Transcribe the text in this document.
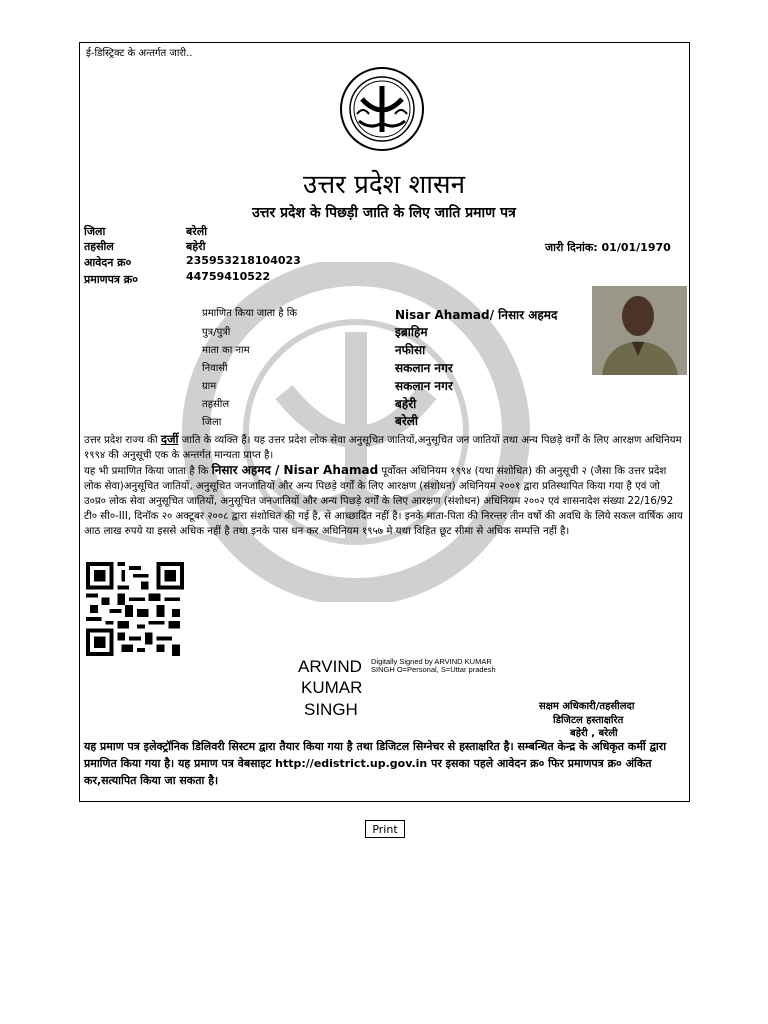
ई-डिस्ट्रिक्ट के अन्तर्गत जारी..
उत्तर प्रदेश शासन
उत्तर प्रदेश के पिछड़ी जाति के लिए जाति प्रमाण पत्र
जिला	बरेली
तहसील	बहेरी
आवेदन क्र०	235953218104023
प्रमाणपत्र क्र०	44759410522
जारी दिनांक: 01/01/1970
प्रमाणित किया जाता है कि	Nisar Ahamad/ निसार अहमद
पुत्र/पुत्री	इब्राहिम
माता का नाम	नफीसा
निवासी	सकलान नगर
ग्राम	सकलान नगर
तहसील	बहेरी
जिला	बरेली
उत्तर प्रदेश राज्य की दर्जी जाति के व्यक्ति हैं। यह उत्तर प्रदेश लोक सेवा अनुसूचित जातियों,अनुसूचित जन जातियों तथा अन्य पिछड़े वर्गों के लिए आरक्षण अधिनियम १९९४ की अनुसूची एक के अन्तर्गत मान्यता प्राप्त है।
यह भी प्रमाणित किया जाता है कि निसार अहमद / Nisar Ahamad पूर्वोक्त अधिनियम १९९४ (यथा संशोधित) की अनुसूची २ (जैसा कि उत्तर प्रदेश लोक सेवा)अनुसूचित जातियों, अनुसूचित जनजातियों और अन्य पिछड़े वर्गों के लिए आरक्षण (संशोधन) अधिनियम २००१ द्वारा प्रतिस्थापित किया गया है एवं जो उ०प्र० लोक सेवा अनुसूचित जातियों, अनुसूचित जनजातियों और अन्य पिछड़े वर्गों के लिए आरक्षण (संशोधन) अधिनियम २००२ एवं शासनादेश संख्या 22/16/92 टी० सी०-III, दिनॉक २० अक्टूबर २००८ द्वारा संशोधित की गई है, से आच्छादित नहीं है। इनके माता-पिता की निरन्तर तीन वर्षो की अवधि के लिये सकल वार्षिक आय आठ लाख रुपये या इससे अधिक नहीं है तथा इनके पास धन कर अधिनियम १९५७ मे यथा विहित छूट सीमा से अधिक सम्पत्ति नहीं है।
ARVIND
KUMAR
SINGH
Digitally Signed by ARVIND KUMAR
SINGH O=Personal, S=Uttar pradesh
सक्षम अधिकारी/तहसीलदा
डिजिटल हस्ताक्षरित
बहेरी , बरेली
यह प्रमाण पत्र इलेक्ट्रॉनिक डिलिवरी सिस्टम द्वारा तैयार किया गया है तथा डिजिटल सिग्नेचर से हस्ताक्षरित है। सम्बन्धित केन्द्र के अधिकृत कर्मी द्वारा प्रमाणित किया गया है। यह प्रमाण पत्र वेबसाइट http://edistrict.up.gov.in पर इसका पहले आवेदन क्र० फिर प्रमाणपत्र क्र० अंकित कर,सत्यापित किया जा सकता है।
Print
